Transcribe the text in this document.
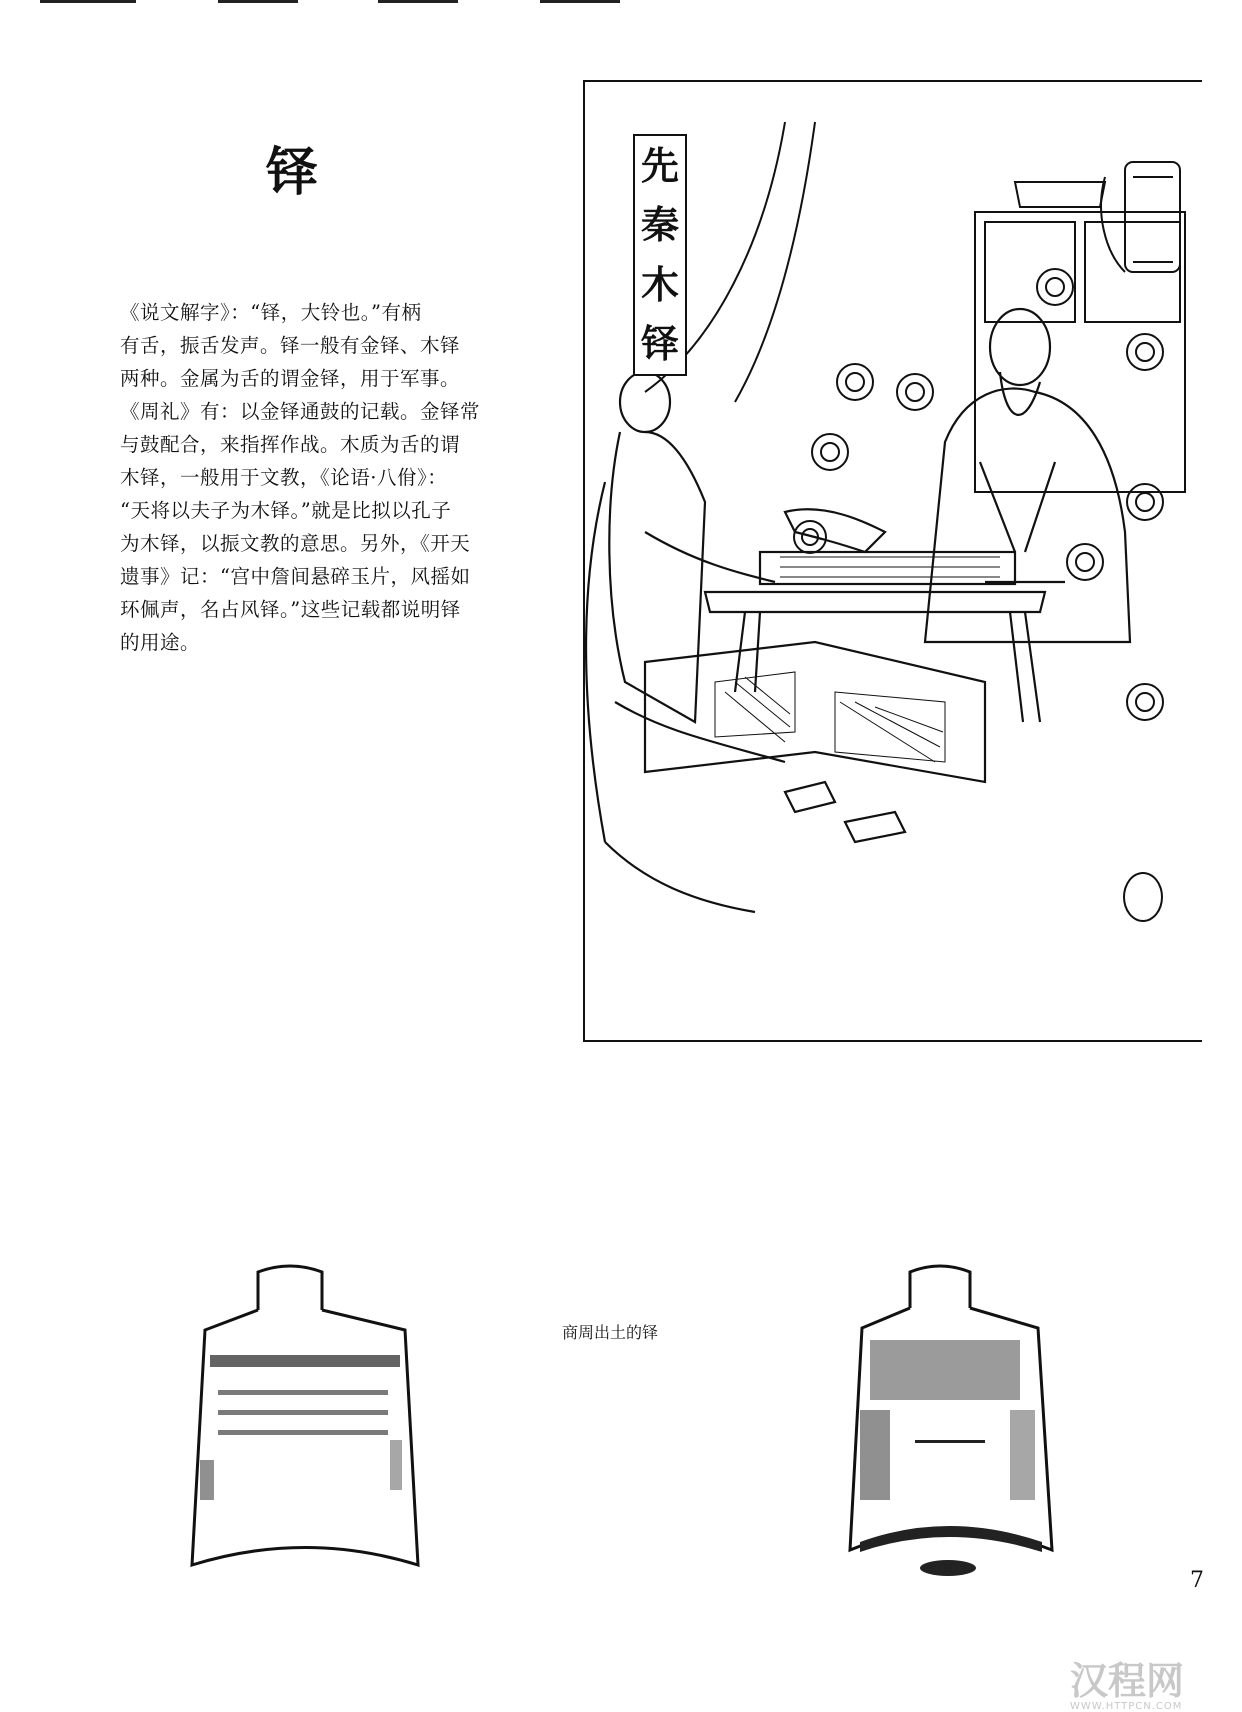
铎
《说文解字》：“铎，大铃也。”有柄
有舌，振舌发声。铎一般有金铎、木铎
两种。金属为舌的谓金铎，用于军事。
《周礼》有：以金铎通鼓的记载。金铎常
与鼓配合，来指挥作战。木质为舌的谓
木铎，一般用于文教，《论语·八佾》：
“天将以夫子为木铎。”就是比拟以孔子
为木铎，以振文教的意思。另外，《开天
遗事》记：“宫中詹间悬碎玉片，风摇如
环佩声，名占风铎。”这些记载都说明铎
的用途。
先
秦
木
铎
商周出土的铎
7
汉程网
WWW.HTTPCN.COM
